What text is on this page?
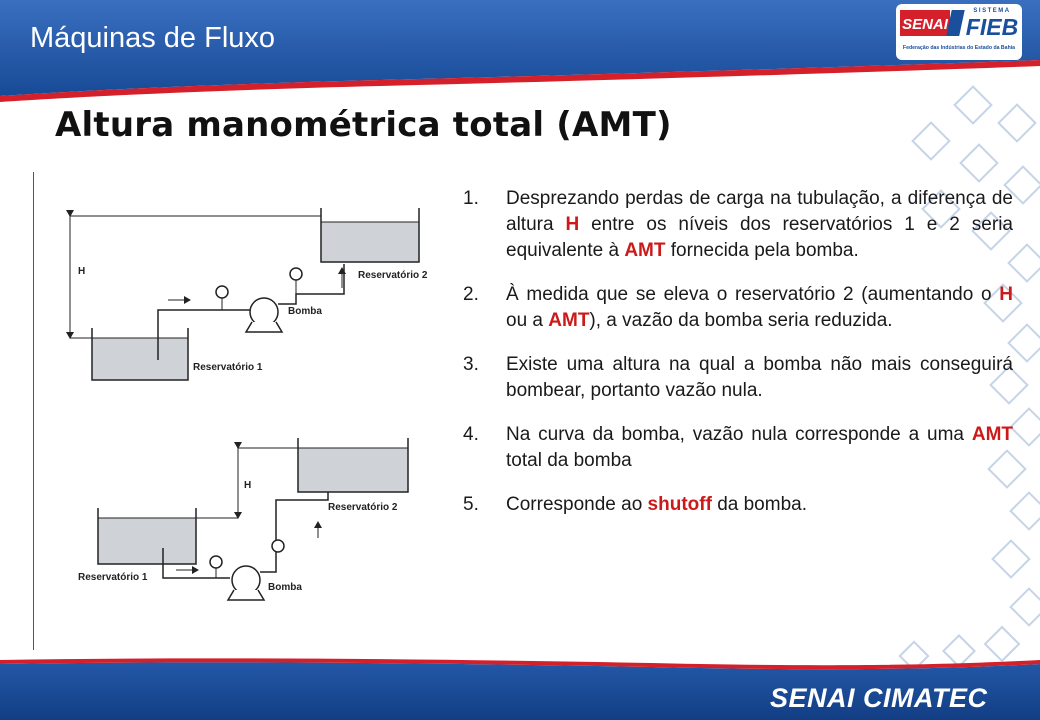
Máquinas de Fluxo	SENAI
SISTEMA
FIEB
Federação das Indústrias do Estado da Bahia
Altura manométrica total (AMT)
H	Reservatório 2
Bomba
Reservatório 1
H
Reservatório 2
Reservatório 1
Bomba
1.	Desprezando perdas de carga na tubulação, a diferença de altura H entre os níveis dos reservatórios 1 e 2 seria equivalente à AMT fornecida pela bomba.
2.	À medida que se eleva o reservatório 2 (aumentando o H ou a AMT), a vazão da bomba seria reduzida.
3.	Existe uma altura na qual a bomba não mais conseguirá bombear, portanto vazão nula.
4.	Na curva da bomba, vazão nula corresponde a uma AMT total da bomba
5.	Corresponde ao shutoff da bomba.
SENAI CIMATEC
